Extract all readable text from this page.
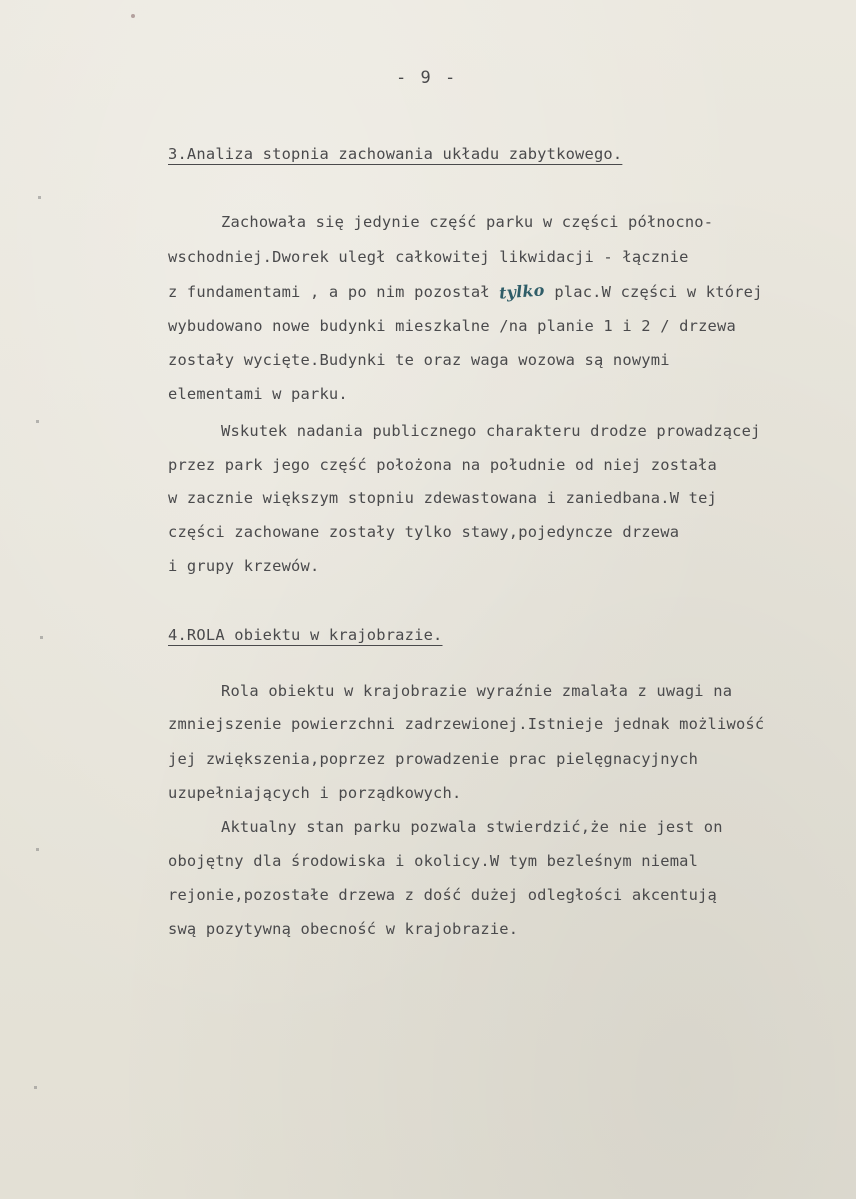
- 9 -
3.Analiza stopnia zachowania układu zabytkowego.
Zachowała się jedynie część parku w części północno-
wschodniej.Dworek uległ całkowitej likwidacji - łącznie
z fundamentami , a po nim pozostał tylko plac.W części w której
wybudowano nowe budynki mieszkalne /na planie 1 i 2 / drzewa
zostały wycięte.Budynki te oraz waga wozowa są nowymi
elementami w parku.
Wskutek nadania publicznego charakteru drodze prowadzącej
przez park jego część położona na południe od niej została
w zacznie większym stopniu zdewastowana i zaniedbana.W tej
części zachowane zostały tylko stawy,pojedyncze drzewa
i grupy krzewów.
4.ROLA obiektu w krajobrazie.
Rola obiektu w krajobrazie wyraźnie zmalała z uwagi na
zmniejszenie powierzchni zadrzewionej.Istnieje jednak możliwość
jej zwiększenia,poprzez prowadzenie prac pielęgnacyjnych
uzupełniających i porządkowych.
Aktualny stan parku pozwala stwierdzić,że nie jest on
obojętny dla środowiska i okolicy.W tym bezleśnym niemal
rejonie,pozostałe drzewa z dość dużej odległości akcentują
swą pozytywną obecność w krajobrazie.
